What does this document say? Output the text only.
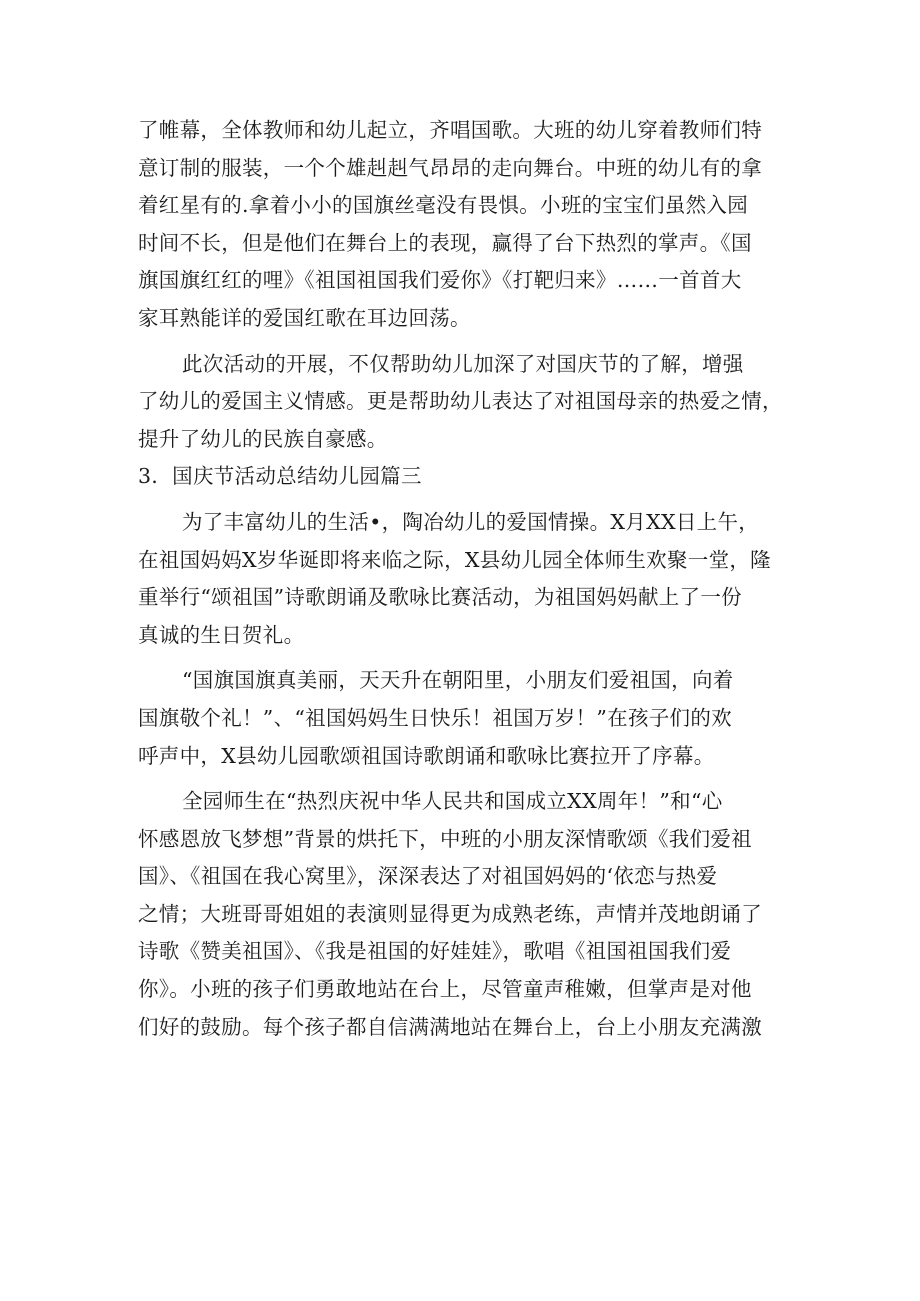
了帷幕，全体教师和幼儿起立，齐唱国歌。大班的幼儿穿着教师们特
意订制的服装，一个个雄赳赳气昂昂的走向舞台。中班的幼儿有的拿
着红星有的.拿着小小的国旗丝毫没有畏惧。小班的宝宝们虽然入园
时间不长，但是他们在舞台上的表现，赢得了台下热烈的掌声。《国
旗国旗红红的哩》《祖国祖国我们爱你》《打靶归来》……一首首大
家耳熟能详的爱国红歌在耳边回荡。
此次活动的开展，不仅帮助幼儿加深了对国庆节的了解，增强
了幼儿的爱国主义情感。更是帮助幼儿表达了对祖国母亲的热爱之情，
提升了幼儿的民族自豪感。
3．国庆节活动总结幼儿园篇三
为了丰富幼儿的生活•，陶冶幼儿的爱国情操。X月XX日上午，
在祖国妈妈X岁华诞即将来临之际，X县幼儿园全体师生欢聚一堂，隆
重举行“颂祖国”诗歌朗诵及歌咏比赛活动，为祖国妈妈献上了一份
真诚的生日贺礼。
“国旗国旗真美丽，天天升在朝阳里，小朋友们爱祖国，向着
国旗敬个礼！”、“祖国妈妈生日快乐！祖国万岁！”在孩子们的欢
呼声中，X县幼儿园歌颂祖国诗歌朗诵和歌咏比赛拉开了序幕。
全园师生在“热烈庆祝中华人民共和国成立XX周年！”和“心
怀感恩放飞梦想”背景的烘托下，中班的小朋友深情歌颂《我们爱祖
国》、《祖国在我心窝里》，深深表达了对祖国妈妈的‘依恋与热爱
之情；大班哥哥姐姐的表演则显得更为成熟老练，声情并茂地朗诵了
诗歌《赞美祖国》、《我是祖国的好娃娃》，歌唱《祖国祖国我们爱
你》。小班的孩子们勇敢地站在台上，尽管童声稚嫩，但掌声是对他
们好的鼓励。每个孩子都自信满满地站在舞台上，台上小朋友充满激
